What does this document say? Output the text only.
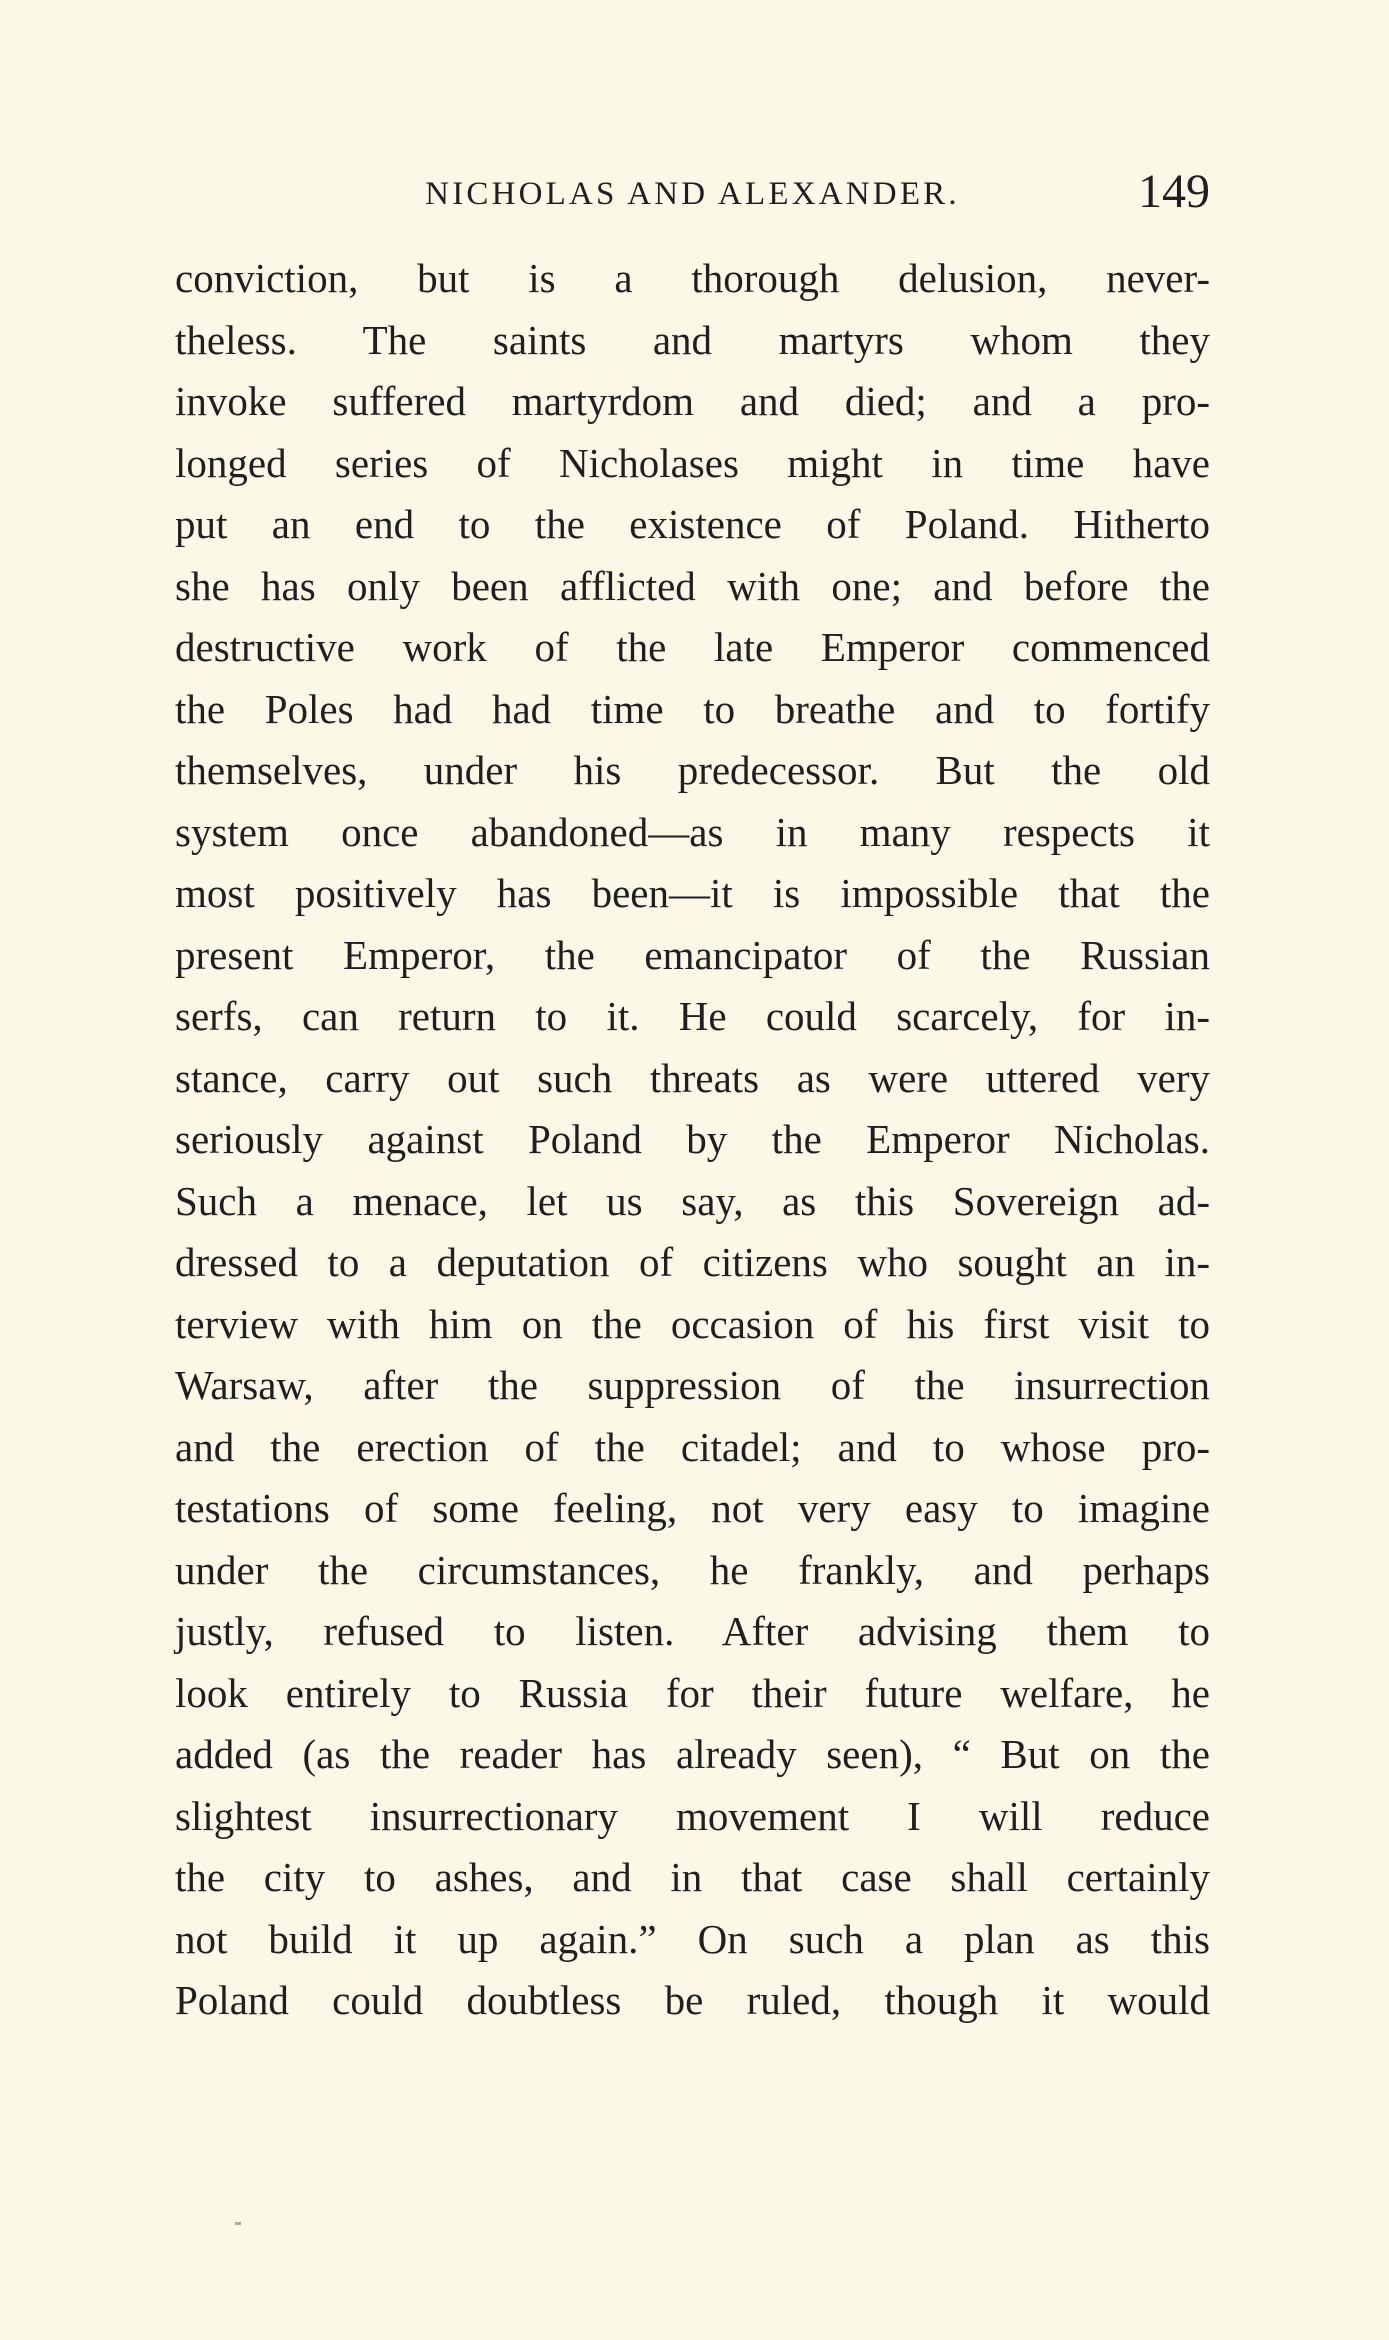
NICHOLAS AND ALEXANDER.	149
conviction, but is a thorough delusion, never-
theless. The saints and martyrs whom they
invoke suffered martyrdom and died; and a pro-
longed series of Nicholases might in time have
put an end to the existence of Poland. Hitherto
she has only been afflicted with one; and before the
destructive work of the late Emperor commenced
the Poles had had time to breathe and to fortify
themselves, under his predecessor. But the old
system once abandoned—as in many respects it
most positively has been—it is impossible that the
present Emperor, the emancipator of the Russian
serfs, can return to it. He could scarcely, for in-
stance, carry out such threats as were uttered very
seriously against Poland by the Emperor Nicholas.
Such a menace, let us say, as this Sovereign ad-
dressed to a deputation of citizens who sought an in-
terview with him on the occasion of his first visit to
Warsaw, after the suppression of the insurrection
and the erection of the citadel; and to whose pro-
testations of some feeling, not very easy to imagine
under the circumstances, he frankly, and perhaps
justly, refused to listen. After advising them to
look entirely to Russia for their future welfare, he
added (as the reader has already seen), “ But on the
slightest insurrectionary movement I will reduce
the city to ashes, and in that case shall certainly
not build it up again.” On such a plan as this
Poland could doubtless be ruled, though it would
